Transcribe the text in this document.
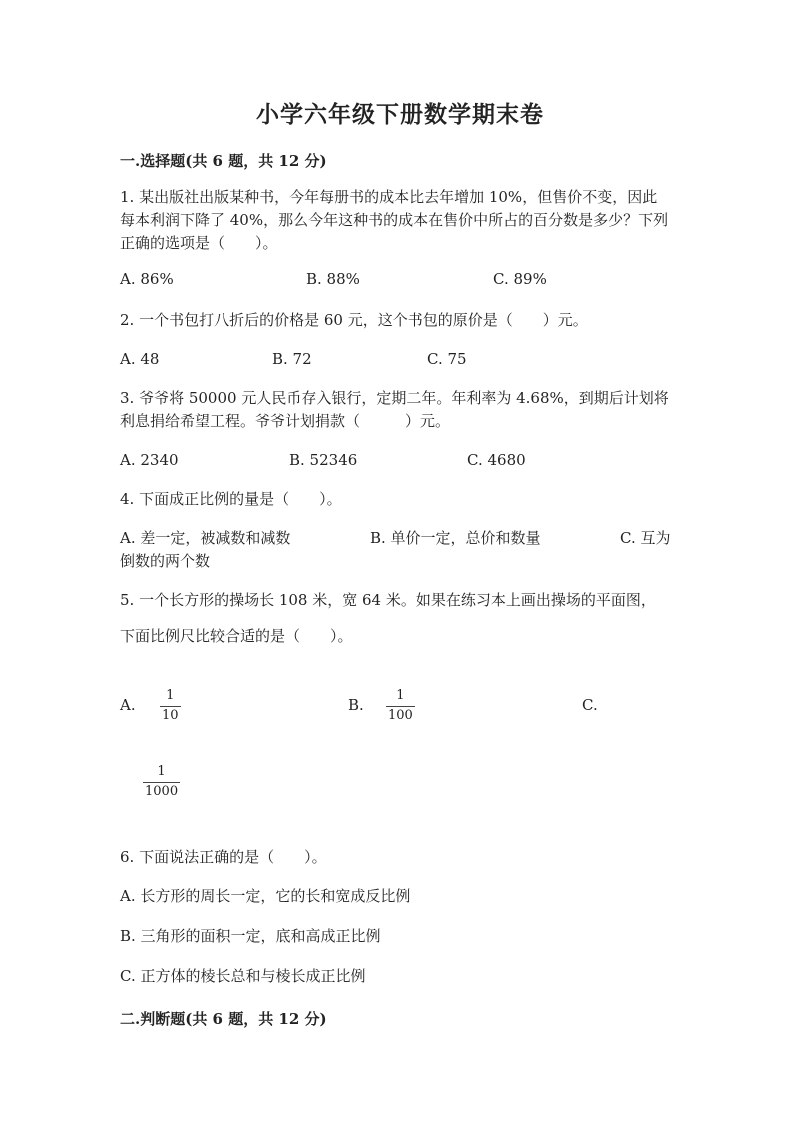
小学六年级下册数学期末卷
一.选择题(共 6 题，共 12 分)
1. 某出版社出版某种书，今年每册书的成本比去年增加 10%，但售价不变，因此每本利润下降了 40%，那么今年这种书的成本在售价中所占的百分数是多少？下列正确的选项是（　　）。
A. 86%	B. 88%	C. 89%
2. 一个书包打八折后的价格是 60 元，这个书包的原价是（　　）元。
A. 48	B. 72	C. 75
3. 爷爷将 50000 元人民币存入银行，定期二年。年利率为 4.68%，到期后计划将利息捐给希望工程。爷爷计划捐款（　　　）元。
A. 2340	B. 52346	C. 4680
4. 下面成正比例的量是（　　）。
A. 差一定，被减数和减数	B. 单价一定，总价和数量	C. 互为
倒数的两个数
5. 一个长方形的操场长 108 米，宽 64 米。如果在练习本上画出操场的平面图，
下面比例尺比较合适的是（　　）。
A.
1
10
B.
1
100
C.
1
1000
6. 下面说法正确的是（　　）。
A. 长方形的周长一定，它的长和宽成反比例
B. 三角形的面积一定，底和高成正比例
C. 正方体的棱长总和与棱长成正比例
二.判断题(共 6 题，共 12 分)
